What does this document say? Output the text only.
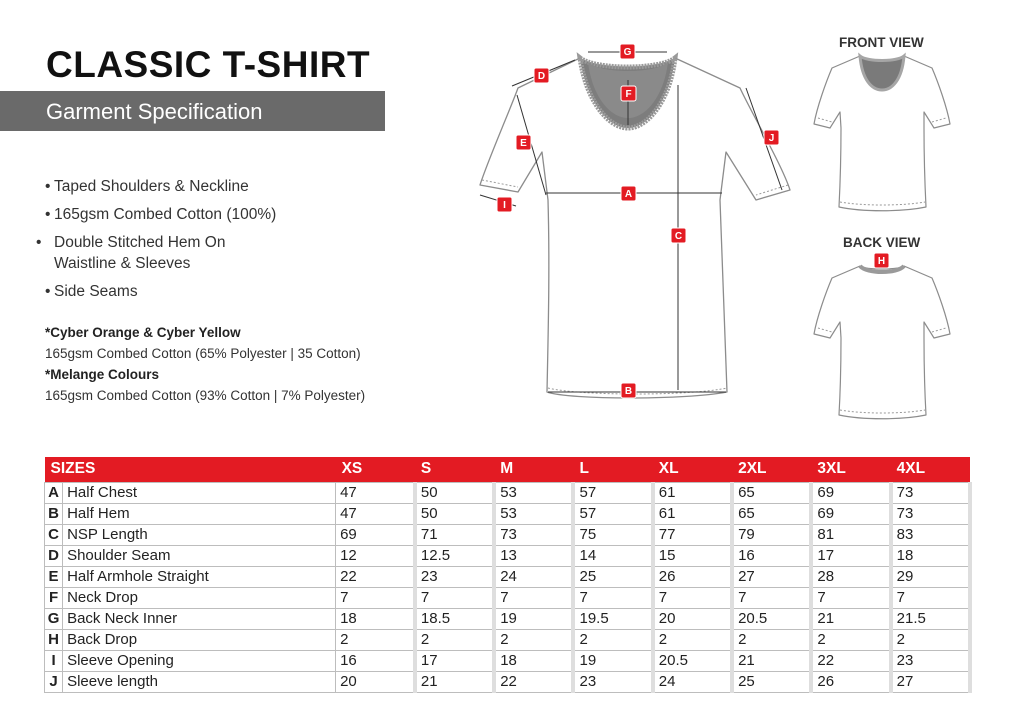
CLASSIC T-SHIRT
Garment Specification
• Taped Shoulders & Neckline
• 165gsm Combed Cotton (100%)
• Double Stitched Hem On Waistline & Sleeves
• Side Seams
*Cyber Orange & Cyber Yellow
165gsm Combed Cotton (65% Polyester | 35 Cotton)
*Melange Colours
165gsm Combed Cotton (93% Cotton | 7% Polyester)
G
F
D
E
A
C
B
I
J
FRONT VIEW
BACK VIEW
H
SIZES		XS	S	M	L	XL	2XL	3XL	4XL
A	Half Chest	47	50	53	57	61	65	69	73
B	Half Hem	47	50	53	57	61	65	69	73
C	NSP Length	69	71	73	75	77	79	81	83
D	Shoulder Seam	12	12.5	13	14	15	16	17	18
E	Half Armhole Straight	22	23	24	25	26	27	28	29
F	Neck Drop	7	7	7	7	7	7	7	7
G	Back Neck Inner	18	18.5	19	19.5	20	20.5	21	21.5
H	Back Drop	2	2	2	2	2	2	2	2
I	Sleeve Opening	16	17	18	19	20.5	21	22	23
J	Sleeve length	20	21	22	23	24	25	26	27
